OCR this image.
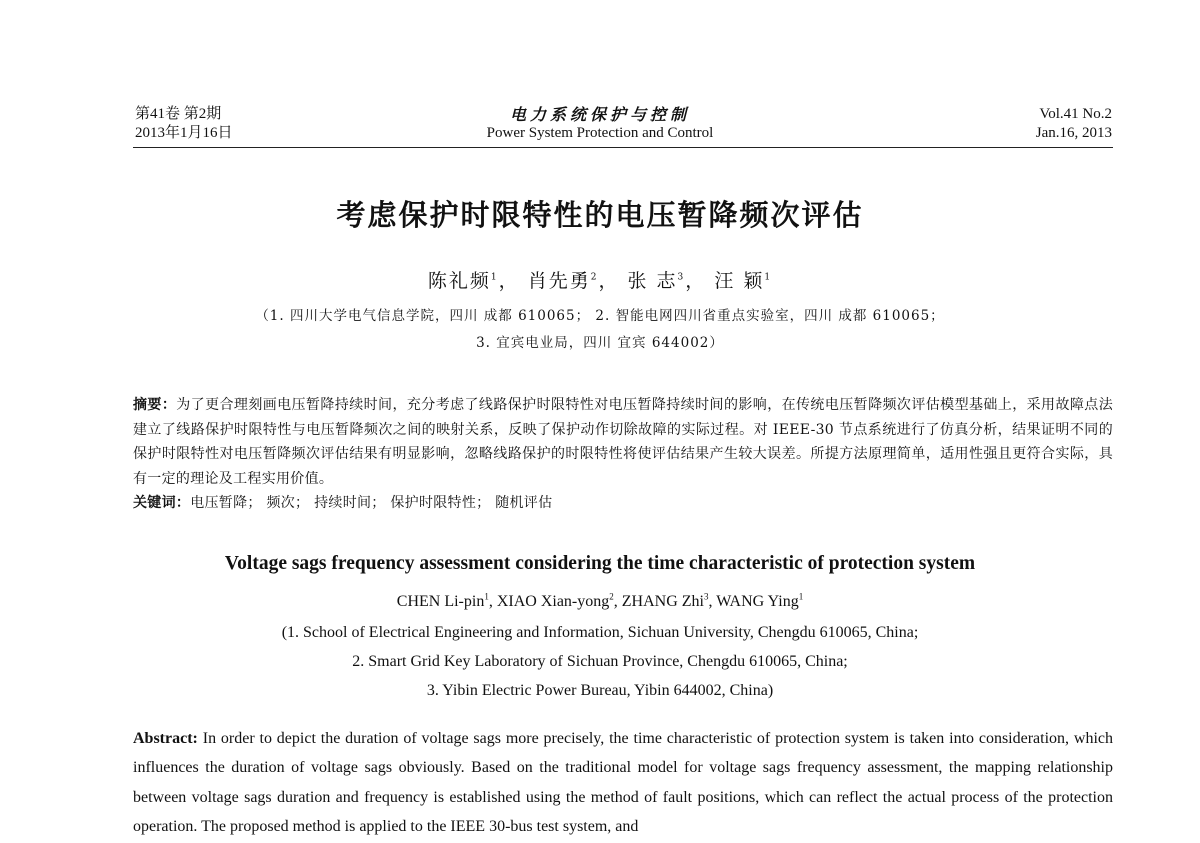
第41卷 第2期
2013年1月16日
电力系统保护与控制
Power System Protection and Control
Vol.41 No.2
Jan.16, 2013
考虑保护时限特性的电压暂降频次评估
陈礼频$^1$， 肖先勇$^2$， 张 志$^3$， 汪 颖$^1$
（1. 四川大学电气信息学院，四川 成都 610065； 2. 智能电网四川省重点实验室，四川 成都 610065；
3. 宜宾电业局，四川 宜宾 644002）
摘要：为了更合理刻画电压暂降持续时间，充分考虑了线路保护时限特性对电压暂降持续时间的影响，在传统电压暂降频次评估模型基础上，采用故障点法建立了线路保护时限特性与电压暂降频次之间的映射关系，反映了保护动作切除故障的实际过程。对 IEEE-30 节点系统进行了仿真分析，结果证明不同的保护时限特性对电压暂降频次评估结果有明显影响，忽略线路保护的时限特性将使评估结果产生较大误差。所提方法原理简单，适用性强且更符合实际，具有一定的理论及工程实用价值。
关键词：电压暂降； 频次； 持续时间； 保护时限特性； 随机评估
Voltage sags frequency assessment considering the time characteristic of protection system
CHEN Li-pin$^1$, XIAO Xian-yong$^2$, ZHANG Zhi$^3$, WANG Ying$^1$
(1. School of Electrical Engineering and Information, Sichuan University, Chengdu 610065, China;
2. Smart Grid Key Laboratory of Sichuan Province, Chengdu 610065, China;
3. Yibin Electric Power Bureau, Yibin 644002, China)
Abstract: In order to depict the duration of voltage sags more precisely, the time characteristic of protection system is taken into consideration, which influences the duration of voltage sags obviously. Based on the traditional model for voltage sags frequency assessment, the mapping relationship between voltage sags duration and frequency is established using the method of fault positions, which can reflect the actual process of the protection operation. The proposed method is applied to the IEEE 30-bus test system, and
